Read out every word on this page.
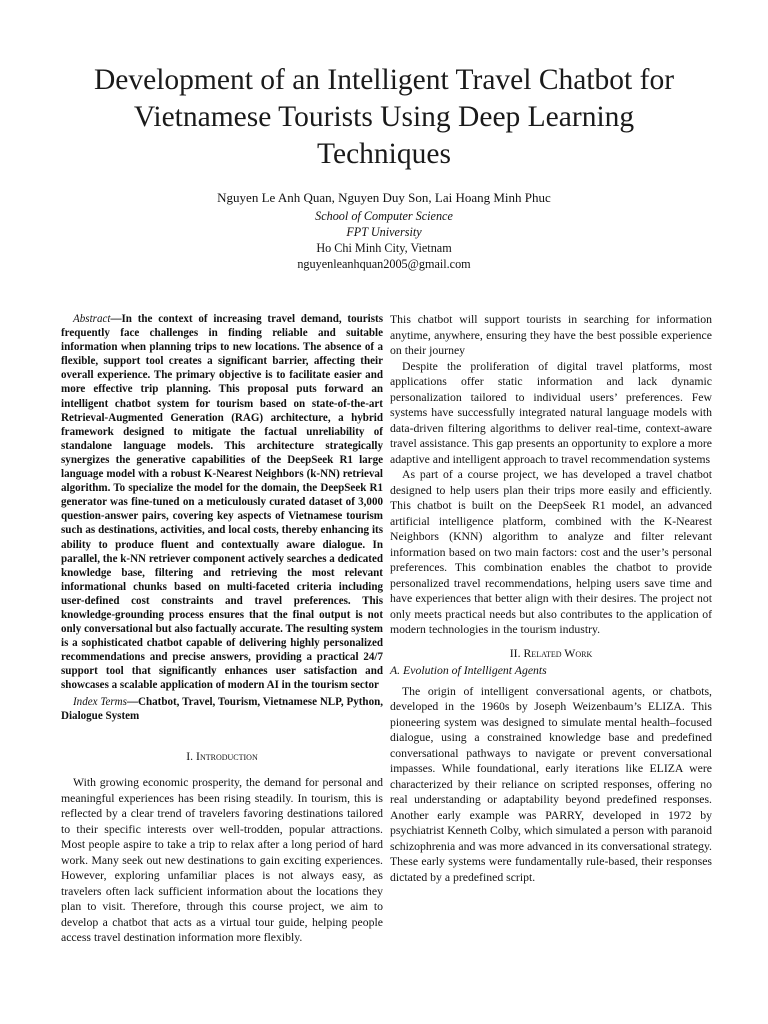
Development of an Intelligent Travel Chatbot for
Vietnamese Tourists Using Deep Learning
Techniques
Nguyen Le Anh Quan, Nguyen Duy Son, Lai Hoang Minh Phuc
School of Computer Science
FPT University
Ho Chi Minh City, Vietnam
nguyenleanhquan2005@gmail.com

Abstract—In the context of increasing travel demand, tourists frequently face challenges in finding reliable and suitable information when planning trips to new locations. The absence of a flexible, support tool creates a significant barrier, affecting their overall experience. The primary objective is to facilitate easier and more effective trip planning. This proposal puts forward an intelligent chatbot system for tourism based on state-of-the-art Retrieval-Augmented Generation (RAG) architecture, a hybrid framework designed to mitigate the factual unreliability of standalone language models. This architecture strategically synergizes the generative capabilities of the DeepSeek R1 large language model with a robust K-Nearest Neighbors (k-NN) retrieval algorithm. To specialize the model for the domain, the DeepSeek R1 generator was fine-tuned on a meticulously curated dataset of 3,000 question-answer pairs, covering key aspects of Vietnamese tourism such as destinations, activities, and local costs, thereby enhancing its ability to produce fluent and contextually aware dialogue. In parallel, the k-NN retriever component actively searches a dedicated knowledge base, filtering and retrieving the most relevant informational chunks based on multi-faceted criteria including user-defined cost constraints and travel preferences. This knowledge-grounding process ensures that the final output is not only conversational but also factually accurate. The resulting system is a sophisticated chatbot capable of delivering highly personalized recommendations and precise answers, providing a practical 24/7 support tool that significantly enhances user satisfaction and showcases a scalable application of modern AI in the tourism sector

Index Terms—Chatbot, Travel, Tourism, Vietnamese NLP, Python, Dialogue System

I. Introduction

With growing economic prosperity, the demand for personal and meaningful experiences has been rising steadily. In tourism, this is reflected by a clear trend of travelers favoring destinations tailored to their specific interests over well-trodden, popular attractions. Most people aspire to take a trip to relax after a long period of hard work. Many seek out new destinations to gain exciting experiences. However, exploring unfamiliar places is not always easy, as travelers often lack sufficient information about the locations they plan to visit. Therefore, through this course project, we aim to develop a chatbot that acts as a virtual tour guide, helping people access travel destination information more flexibly.

This chatbot will support tourists in searching for information anytime, anywhere, ensuring they have the best possible experience on their journey

Despite the proliferation of digital travel platforms, most applications offer static information and lack dynamic personalization tailored to individual users’ preferences. Few systems have successfully integrated natural language models with data-driven filtering algorithms to deliver real-time, context-aware travel assistance. This gap presents an opportunity to explore a more adaptive and intelligent approach to travel recommendation systems

As part of a course project, we has developed a travel chatbot designed to help users plan their trips more easily and efficiently. This chatbot is built on the DeepSeek R1 model, an advanced artificial intelligence platform, combined with the K-Nearest Neighbors (KNN) algorithm to analyze and filter relevant information based on two main factors: cost and the user’s personal preferences. This combination enables the chatbot to provide personalized travel recommendations, helping users save time and have experiences that better align with their desires. The project not only meets practical needs but also contributes to the application of modern technologies in the tourism industry.

II. Related Work

A. Evolution of Intelligent Agents

The origin of intelligent conversational agents, or chatbots, developed in the 1960s by Joseph Weizenbaum’s ELIZA. This pioneering system was designed to simulate mental health–focused dialogue, using a constrained knowledge base and predefined conversational pathways to navigate or prevent conversational impasses. While foundational, early iterations like ELIZA were characterized by their reliance on scripted responses, offering no real understanding or adaptability beyond predefined responses. Another early example was PARRY, developed in 1972 by psychiatrist Kenneth Colby, which simulated a person with paranoid schizophrenia and was more advanced in its conversational strategy. These early systems were fundamentally rule-based, their responses dictated by a predefined script.
